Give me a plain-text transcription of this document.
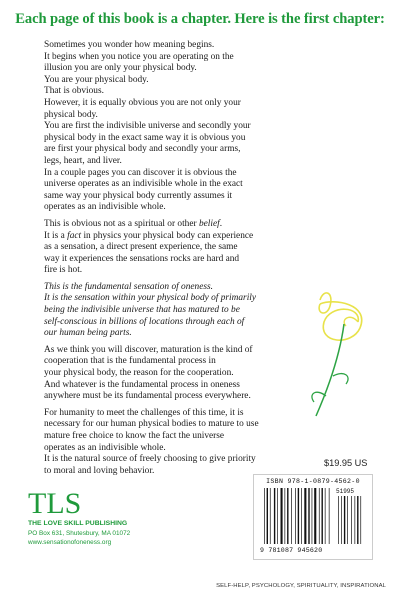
Each page of this book is a chapter. Here is the first chapter:

Sometimes you wonder how meaning begins.
It begins when you notice you are operating on the
illusion you are only your physical body.
You are your physical body.
That is obvious.
However, it is equally obvious you are not only your
physical body.
You are first the indivisible universe and secondly your
physical body in the exact same way it is obvious you
are first your physical body and secondly your arms,
legs, heart, and liver.
In a couple pages you can discover it is obvious the
universe operates as an indivisible whole in the exact
same way your physical body currently assumes it
operates as an indivisible whole.

This is obvious not as a spiritual or other belief.
It is a fact in physics your physical body can experience
as a sensation, a direct present experience, the same
way it experiences the sensations rocks are hard and
fire is hot.

This is the fundamental sensation of oneness.
It is the sensation within your physical body of primarily
being the indivisible universe that has matured to be
self-conscious in billions of locations through each of
our human being parts.

As we think you will discover, maturation is the kind of
cooperation that is the fundamental process in
your physical body, the reason for the cooperation.
And whatever is the fundamental process in oneness
anywhere must be its fundamental process everywhere.

For humanity to meet the challenges of this time, it is
necessary for our human physical bodies to mature to use
mature free choice to know the fact the universe
operates as an indivisible whole.
It is the natural source of freely choosing to give priority
to moral and loving behavior.

$19.95 US
ISBN 978-1-0879-4562-0
51995
9 781087 945620
TLS
THE LOVE SKILL PUBLISHING
PO Box 631, Shutesbury, MA 01072
www.sensationofoneness.org
SELF-HELP, PSYCHOLOGY, SPIRITUALITY, INSPIRATIONAL
